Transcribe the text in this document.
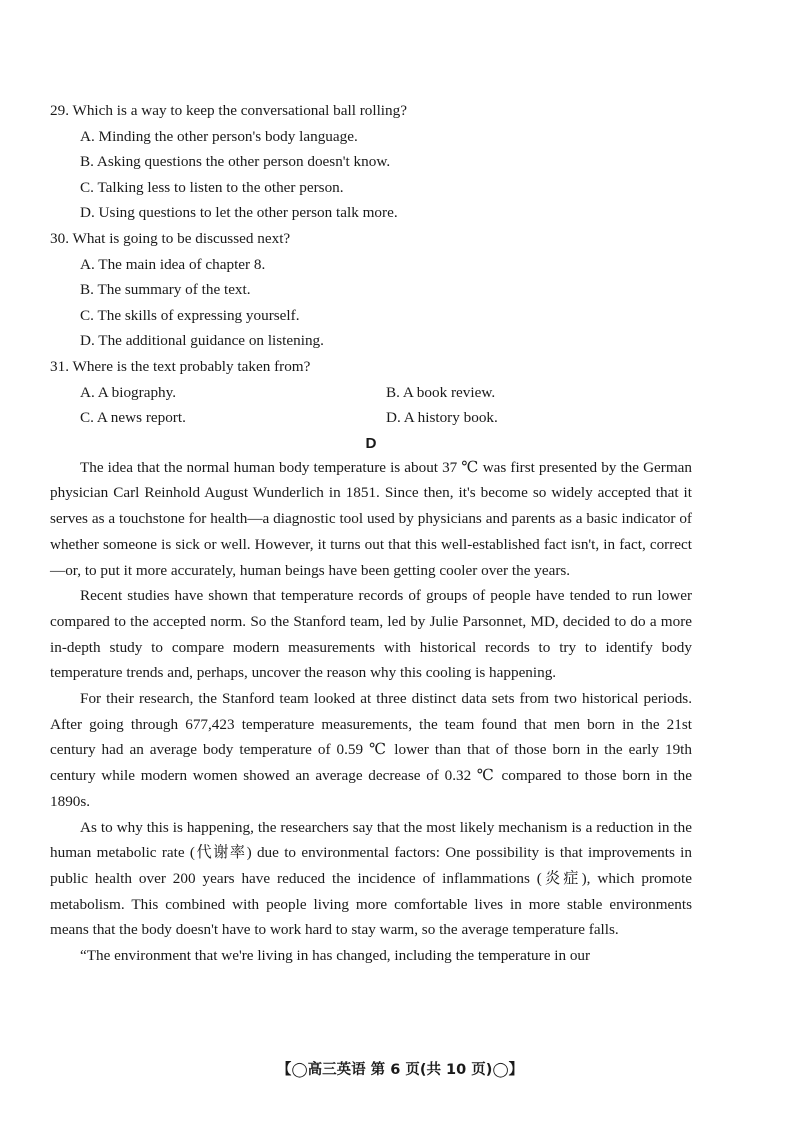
29. Which is a way to keep the conversational ball rolling?

A. Minding the other person's body language.

B. Asking questions the other person doesn't know.

C. Talking less to listen to the other person.

D. Using questions to let the other person talk more.

30. What is going to be discussed next?

A. The main idea of chapter 8.

B. The summary of the text.

C. The skills of expressing yourself.

D. The additional guidance on listening.

31. Where is the text probably taken from?

A. A biography.	B. A book review.
C. A news report.	D. A history book.

D

The idea that the normal human body temperature is about 37 ℃ was first presented by the German physician Carl Reinhold August Wunderlich in 1851. Since then, it's become so widely accepted that it serves as a touchstone for health—a diagnostic tool used by physicians and parents as a basic indicator of whether someone is sick or well. However, it turns out that this well-established fact isn't, in fact, correct—or, to put it more accurately, human beings have been getting cooler over the years.

Recent studies have shown that temperature records of groups of people have tended to run lower compared to the accepted norm. So the Stanford team, led by Julie Parsonnet, MD, decided to do a more in-depth study to compare modern measurements with historical records to try to identify body temperature trends and, perhaps, uncover the reason why this cooling is happening.

For their research, the Stanford team looked at three distinct data sets from two historical periods. After going through 677,423 temperature measurements, the team found that men born in the 21st century had an average body temperature of 0.59 ℃ lower than that of those born in the early 19th century while modern women showed an average decrease of 0.32 ℃ compared to those born in the 1890s.

As to why this is happening, the researchers say that the most likely mechanism is a reduction in the human metabolic rate (代谢率) due to environmental factors: One possibility is that improvements in public health over 200 years have reduced the incidence of inflammations (炎症), which promote metabolism. This combined with people living more comfortable lives in more stable environments means that the body doesn't have to work hard to stay warm, so the average temperature falls.

“The environment that we're living in has changed, including the temperature in our

【◯高三英语 第 6 页(共 10 页)◯】
